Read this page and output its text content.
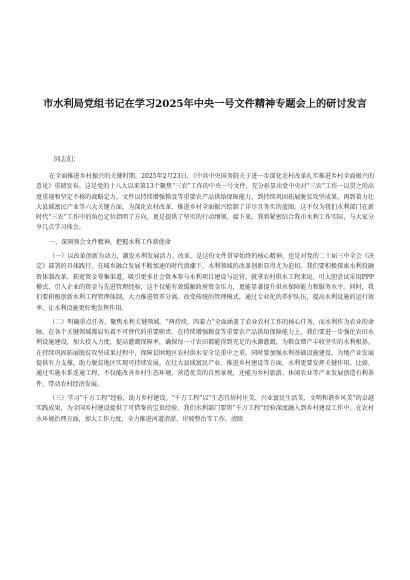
市水利局党组书记在学习2025年中央一号文件精神专题会上的研讨发言
同志们：

在全面推进乡村振兴的关键时期，2025年2月23日，《中共中央国务院关于进一步深化农村改革扎实推进乡村全面振兴的意见》重磅发布。这是党的十八大以来第13个聚焦“三农”工作的中央一号文件，充分彰显出党中央对“三农”工作一以贯之的高度重视和坚定不移的战略定力。文件以持续增强粮食等重要农产品供给保障能力，到持续巩固拓展脱贫攻坚成果，再到着力壮大县域富民产业等六大关键方面，为深化农村改革、推进乡村全面振兴绘制了详尽且务实的蓝图。这不仅为我们水利部门在新时代“三农”工作中的角色定位指明了方向，更是提供了坚实的行动纲领。接下来，我将紧密结合我市水利工作实际，与大家分享几点学习体会。

一、深刻领会文件精神，把握水利工作新使命

（一）以改革创新为动力，激发水利发展活力。改革，是这份文件贯穿始终的核心精神，也是对党的二十届三中全会《决定》部署的具体践行。在城乡融合发展不断加速的时代浪潮下，水利领域的改革创新显得尤为迫切。我们要积极探索水利投融资体制改革，拓宽资金筹集渠道，吸引更多社会资本参与水利项目建设与运营。就拿农村供水工程来说，可大胆尝试采用PPP模式，引入企业的资金与先进管理经验，这不仅能有效缓解政府资金压力，更能显著提升供水保障能力和服务水平。同时，我们要积极创新水利工程管理体制，大力推进管养分离。改变传统的管理模式，通过专业化的养护队伍，提高水利设施的运行效率，让水利设施更好地发挥作用。

（二）明确重点任务，聚焦水利关键领域。“两持续、四着力”全面涵盖了农业农村工作的核心任务，而水利作为农业的命脉，在各个关键领域都肩负着不可替代的重要职责。在持续增强粮食等重要农产品供给保障能力上，我们要进一步强化农田水利设施建设，加大投入力度，提高灌溉保障率，确保每一寸农田都能得到充足的水源灌溉，为粮食增产丰收坚实的水利根基。在持续巩固拓展脱贫攻坚成果过程中，保障贫困地区农村供水安全是重中之重。同时要加强水利基础设施建设，为地产业发展提供有力支撑，助力脱贫地区实现可持续发展。在壮大县域富民产业、推进乡村建设等方面，水利更要发挥关键作用。比如，通过实施水系连通工程，不仅能改善乡村生态环境，营造优美的自然景观，还能为乡村旅游、休闲农业等产业发展创造有利条件，带动农村经济发展。

（三）学习“千万工程”经验，助力乡村建设。“千万工程”以“生态宜居村庄美、兴业富民生活美、文明和谐乡风美”的卓越实践成果，为全国乡村建设提供了可借鉴的宝贵经验。我们水利部门要将“千万工程”经验深度融入到乡村建设工作中。在农村水环境治理方面，加大工作力度，全力推进河道清淤、岸坡整治等工作，清除
